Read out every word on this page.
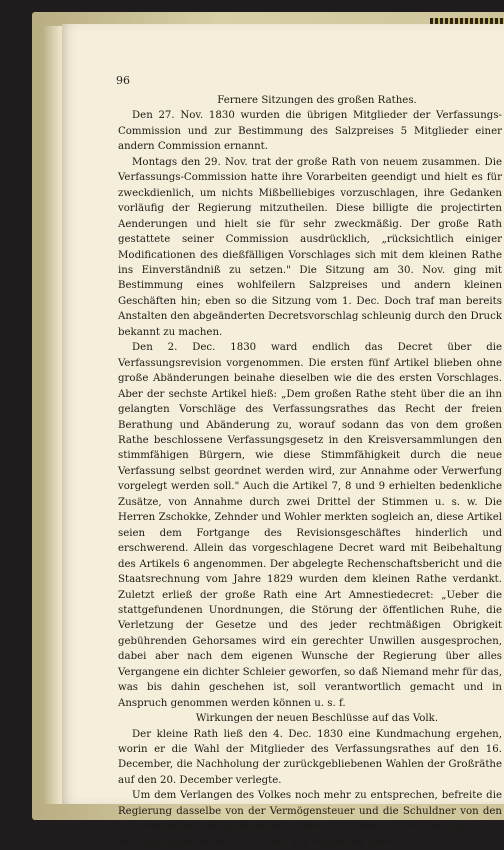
96

Fernere Sitzungen des großen Rathes.

Den 27. Nov. 1830 wurden die übrigen Mitglieder der Verfassungs-Commission und zur Bestimmung des Salzpreises 5 Mitglieder einer andern Commission ernannt.

Montags den 29. Nov. trat der große Rath von neuem zusammen. Die Verfassungs-Commission hatte ihre Vorarbeiten geendigt und hielt es für zweckdienlich, um nichts Mißbelliebiges vorzuschlagen, ihre Gedanken vorläufig der Regierung mitzutheilen. Diese billigte die projectirten Aenderungen und hielt sie für sehr zweckmäßig. Der große Rath gestattete seiner Commission ausdrücklich, „rücksichtlich einiger Modificationen des dießfälligen Vorschlages sich mit dem kleinen Rathe ins Einverständniß zu setzen." Die Sitzung am 30. Nov. ging mit Bestimmung eines wohlfeilern Salzpreises und andern kleinen Geschäften hin; eben so die Sitzung vom 1. Dec. Doch traf man bereits Anstalten den abgeänderten Decretsvorschlag schleunig durch den Druck bekannt zu machen.

Den 2. Dec. 1830 ward endlich das Decret über die Verfassungsrevision vorgenommen. Die ersten fünf Artikel blieben ohne große Abänderungen beinahe dieselben wie die des ersten Vorschlages. Aber der sechste Artikel hieß: „Dem großen Rathe steht über die an ihn gelangten Vorschläge des Verfassungsrathes das Recht der freien Berathung und Abänderung zu, worauf sodann das von dem großen Rathe beschlossene Verfassungsgesetz in den Kreisversammlungen den stimmfähigen Bürgern, wie diese Stimmfähigkeit durch die neue Verfassung selbst geordnet werden wird, zur Annahme oder Verwerfung vorgelegt werden soll." Auch die Artikel 7, 8 und 9 erhielten bedenkliche Zusätze, von Annahme durch zwei Drittel der Stimmen u. s. w. Die Herren Zschokke, Zehnder und Wohler merkten sogleich an, diese Artikel seien dem Fortgange des Revisionsgeschäftes hinderlich und erschwerend. Allein das vorgeschlagene Decret ward mit Beibehaltung des Artikels 6 angenommen. Der abgelegte Rechenschaftsbericht und die Staatsrechnung vom Jahre 1829 wurden dem kleinen Rathe verdankt. Zuletzt erließ der große Rath eine Art Amnestiedecret: „Ueber die stattgefundenen Unordnungen, die Störung der öffentlichen Ruhe, die Verletzung der Gesetze und des jeder rechtmäßigen Obrigkeit gebührenden Gehorsames wird ein gerechter Unwillen ausgesprochen, dabei aber nach dem eigenen Wunsche der Regierung über alles Vergangene ein dichter Schleier geworfen, so daß Niemand mehr für das, was bis dahin geschehen ist, soll verantwortlich gemacht und in Anspruch genommen werden können u. s. f.

Wirkungen der neuen Beschlüsse auf das Volk.

Der kleine Rath ließ den 4. Dec. 1830 eine Kundmachung ergehen, worin er die Wahl der Mitglieder des Verfassungsrathes auf den 16. December, die Nachholung der zurückgebliebenen Wahlen der Großräthe auf den 20. December verlegte.

Um dem Verlangen des Volkes noch mehr zu entsprechen, befreite die Regierung dasselbe von der Vermögensteuer und die Schuldner von den beschwerlichen Schuldenboten. Aber alle diese Erleichterungen und Bewilligungen reichten nicht hin der Regierung jenes Zu-
